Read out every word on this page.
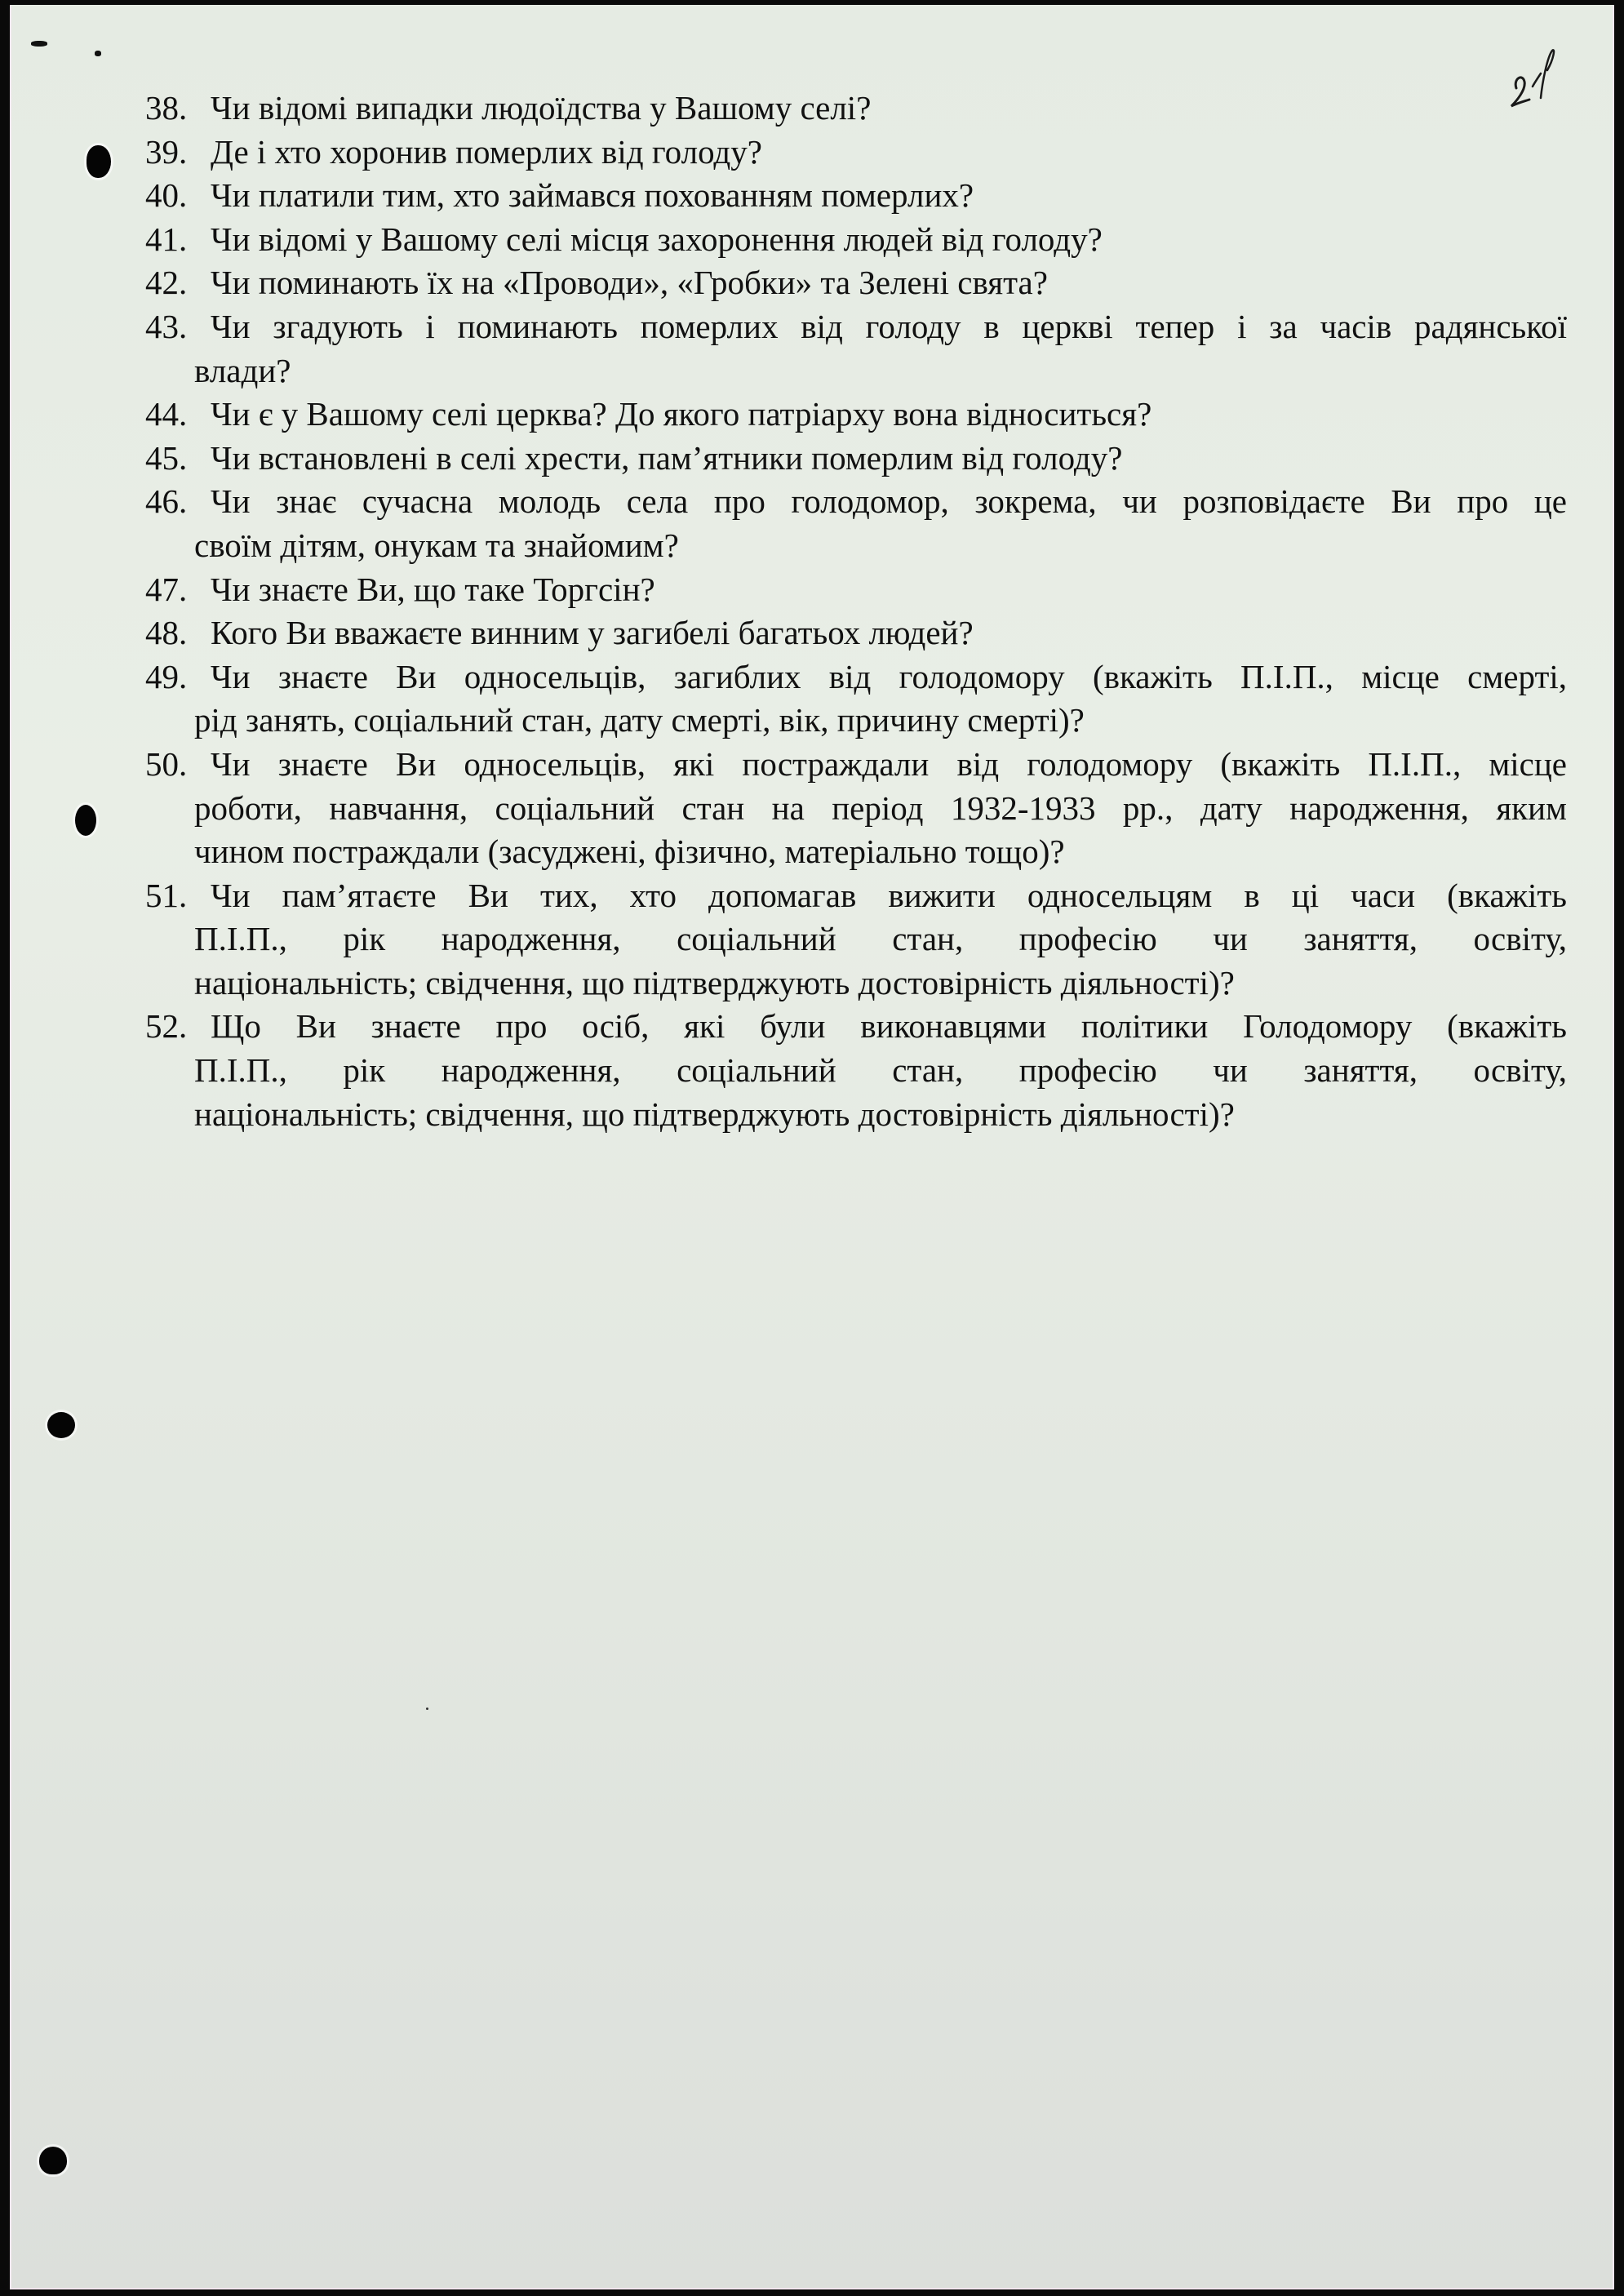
38. Чи відомі випадки людоїдства у Вашому селі?
39. Де і хто хоронив померлих від голоду?
40. Чи платили тим, хто займався похованням померлих?
41. Чи відомі у Вашому селі місця захоронення людей від голоду?
42. Чи поминають їх на «Проводи», «Гробки» та Зелені свята?
43. Чи згадують і поминають померлих від голоду в церкві тепер і за часів радянської
влади?
44. Чи є у Вашому селі церква? До якого патріарху вона відноситься?
45. Чи встановлені в селі хрести, пам’ятники померлим від голоду?
46. Чи знає сучасна молодь села про голодомор, зокрема, чи розповідаєте Ви про це
своїм дітям, онукам та знайомим?
47. Чи знаєте Ви, що таке Торгсін?
48. Кого Ви вважаєте винним у загибелі багатьох людей?
49. Чи знаєте Ви односельців, загиблих від голодомору (вкажіть П.І.П., місце смерті,
рід занять, соціальний стан, дату смерті, вік, причину смерті)?
50. Чи знаєте Ви односельців, які постраждали від голодомору (вкажіть П.І.П., місце
роботи, навчання, соціальний стан на період 1932-1933 рр., дату народження, яким
чином постраждали (засуджені, фізично, матеріально тощо)?
51. Чи пам’ятаєте Ви тих, хто допомагав вижити односельцям в ці часи (вкажіть
П.І.П., рік народження, соціальний стан, професію чи заняття, освіту,
національність; свідчення, що підтверджують достовірність діяльності)?
52. Що Ви знаєте про осіб, які були виконавцями політики Голодомору (вкажіть
П.І.П., рік народження, соціальний стан, професію чи заняття, освіту,
національність; свідчення, що підтверджують достовірність діяльності)?
